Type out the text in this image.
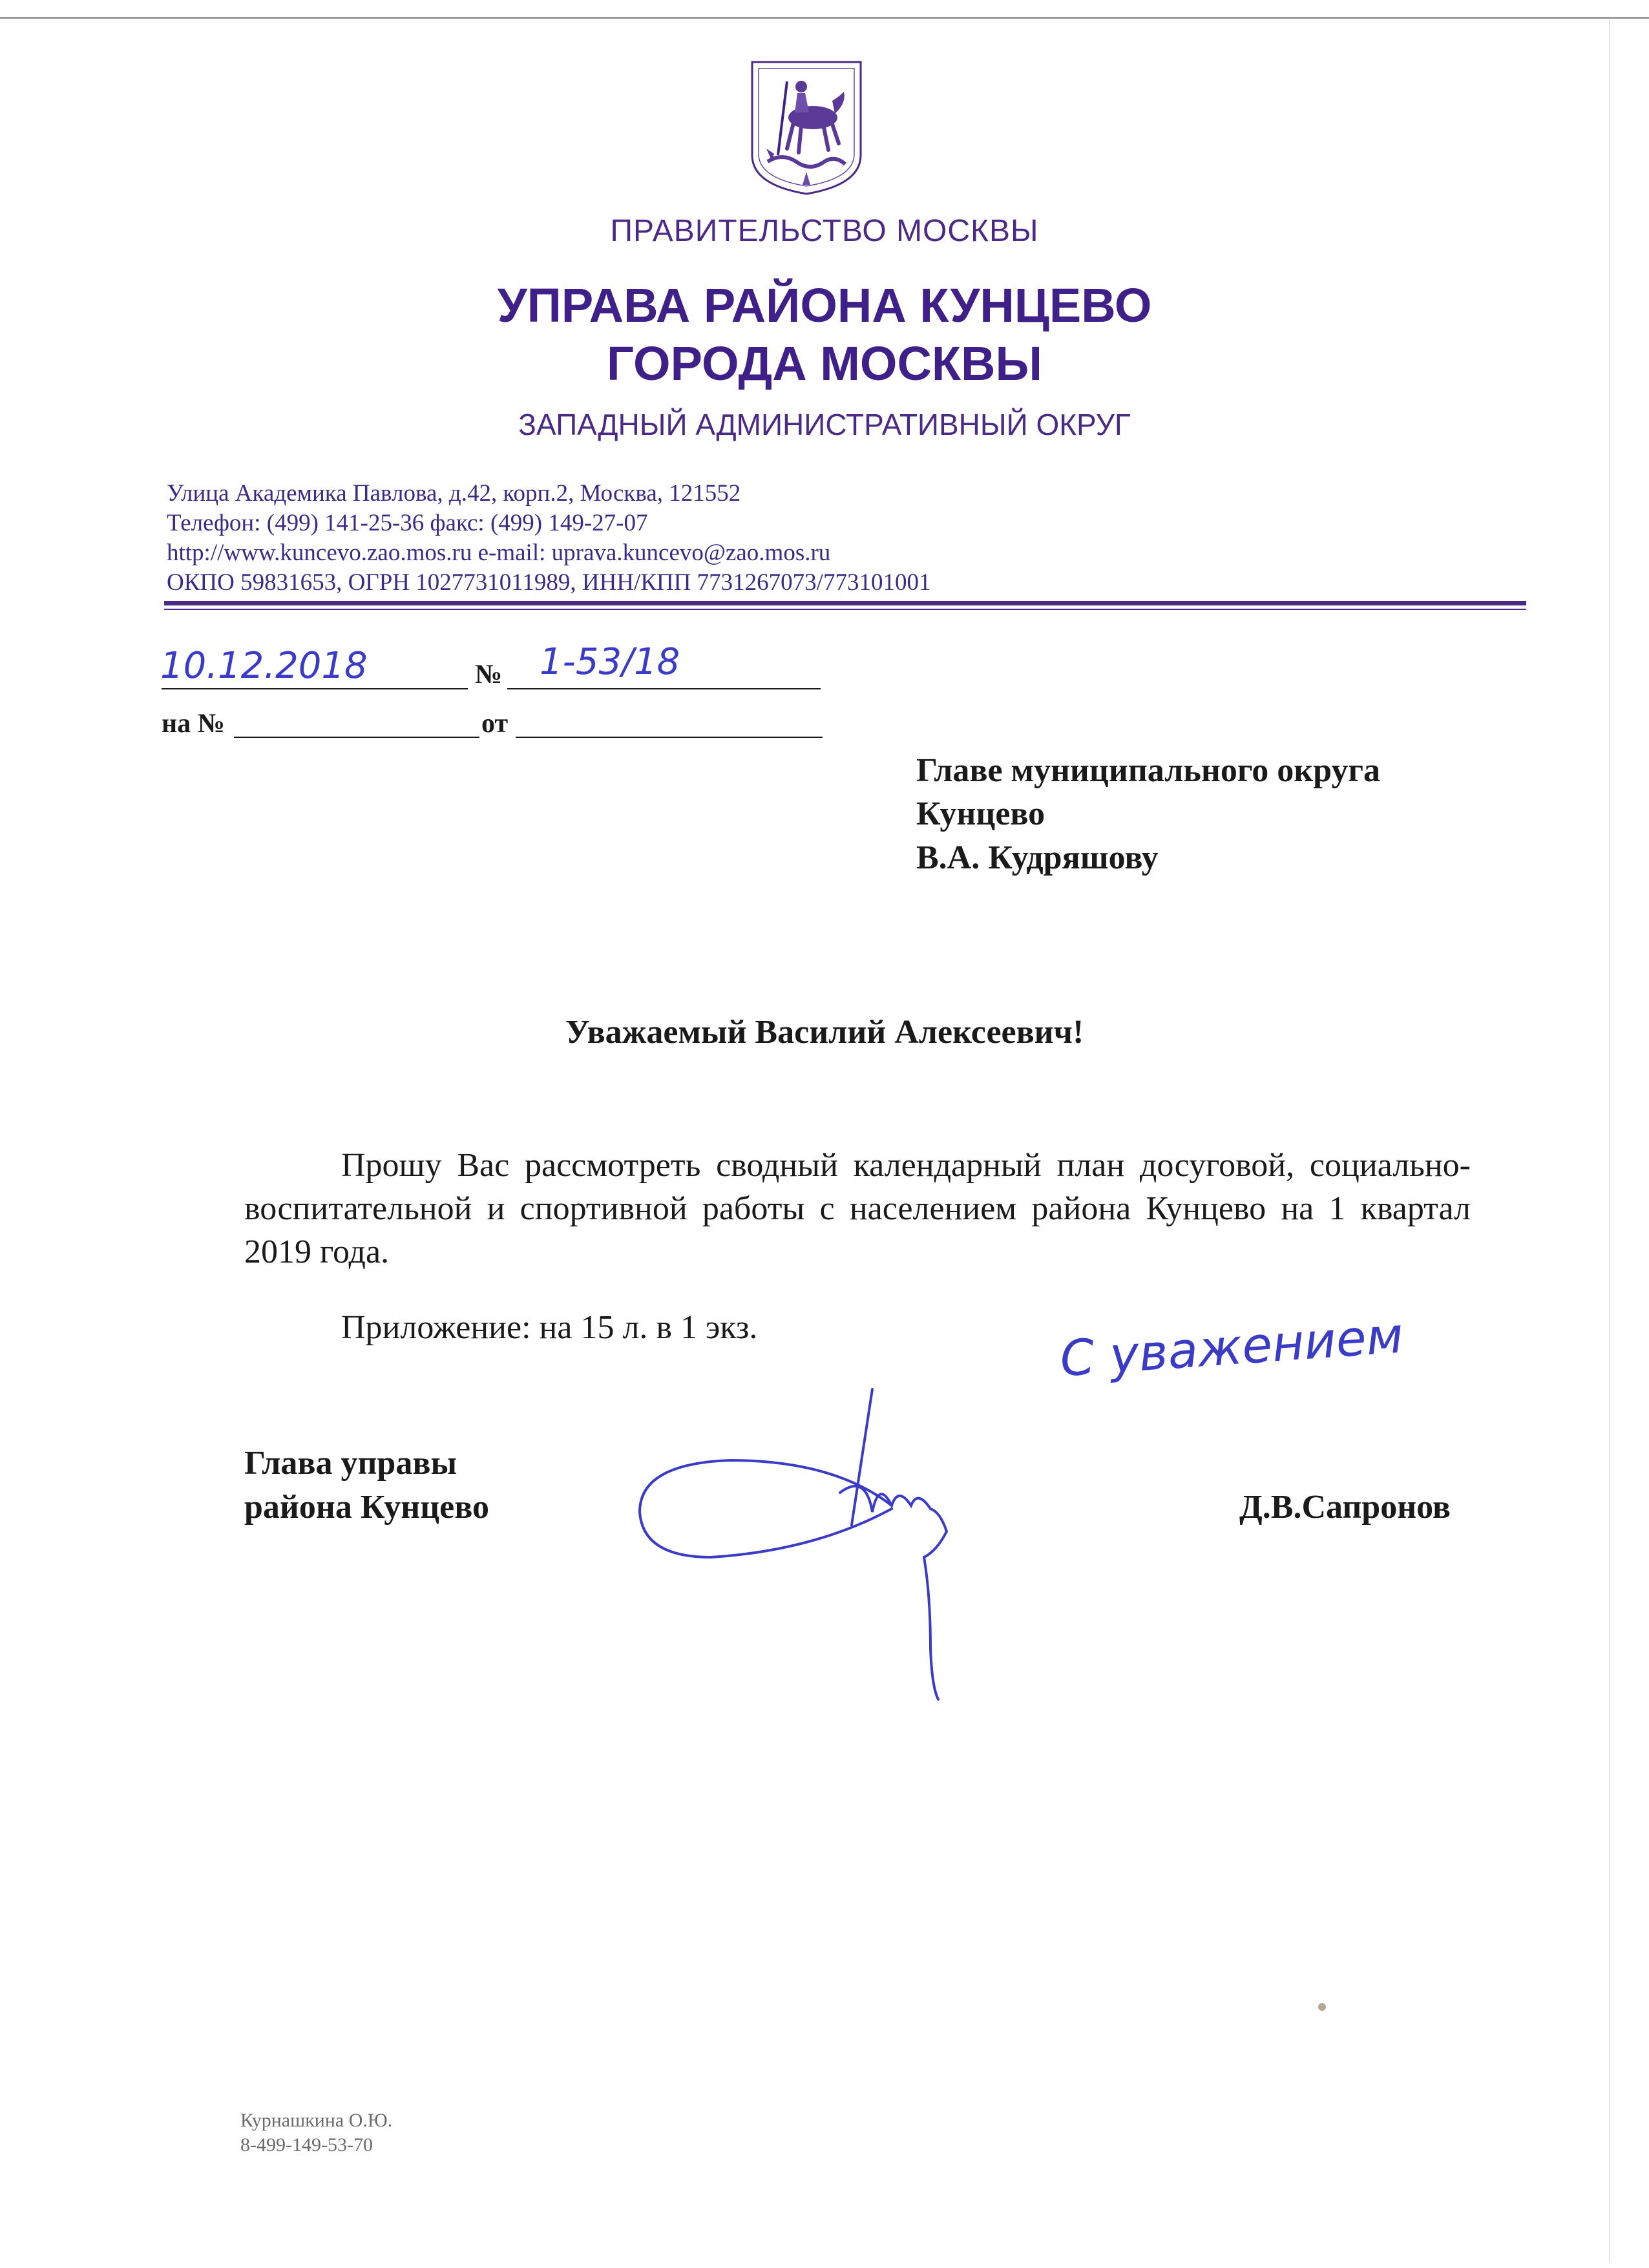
ПРАВИТЕЛЬСТВО МОСКВЫ
УПРАВА РАЙОНА КУНЦЕВО
ГОРОДА МОСКВЫ
ЗАПАДНЫЙ АДМИНИСТРАТИВНЫЙ ОКРУГ
Улица Академика Павлова, д.42, корп.2, Москва, 121552
Телефон: (499) 141-25-36 факс: (499) 149-27-07
http://www.kuncevo.zao.mos.ru e-mail: uprava.kuncevo@zao.mos.ru
ОКПО 59831653, ОГРН 1027731011989, ИНН/КПП 7731267073/773101001
10.12.2018	№ 1-53/18
на №	от
Главе муниципального округа
Кунцево
В.А. Кудряшову
Уважаемый Василий Алексеевич!

Прошу Вас рассмотреть сводный календарный план досуговой, социально-воспитательной и спортивной работы с населением района Кунцево на 1 квартал 2019 года.

Приложение: на 15 л. в 1 экз.	С уважением
Глава управы
района Кунцево	Д.В.Сапронов
Курнашкина О.Ю.
8-499-149-53-70
